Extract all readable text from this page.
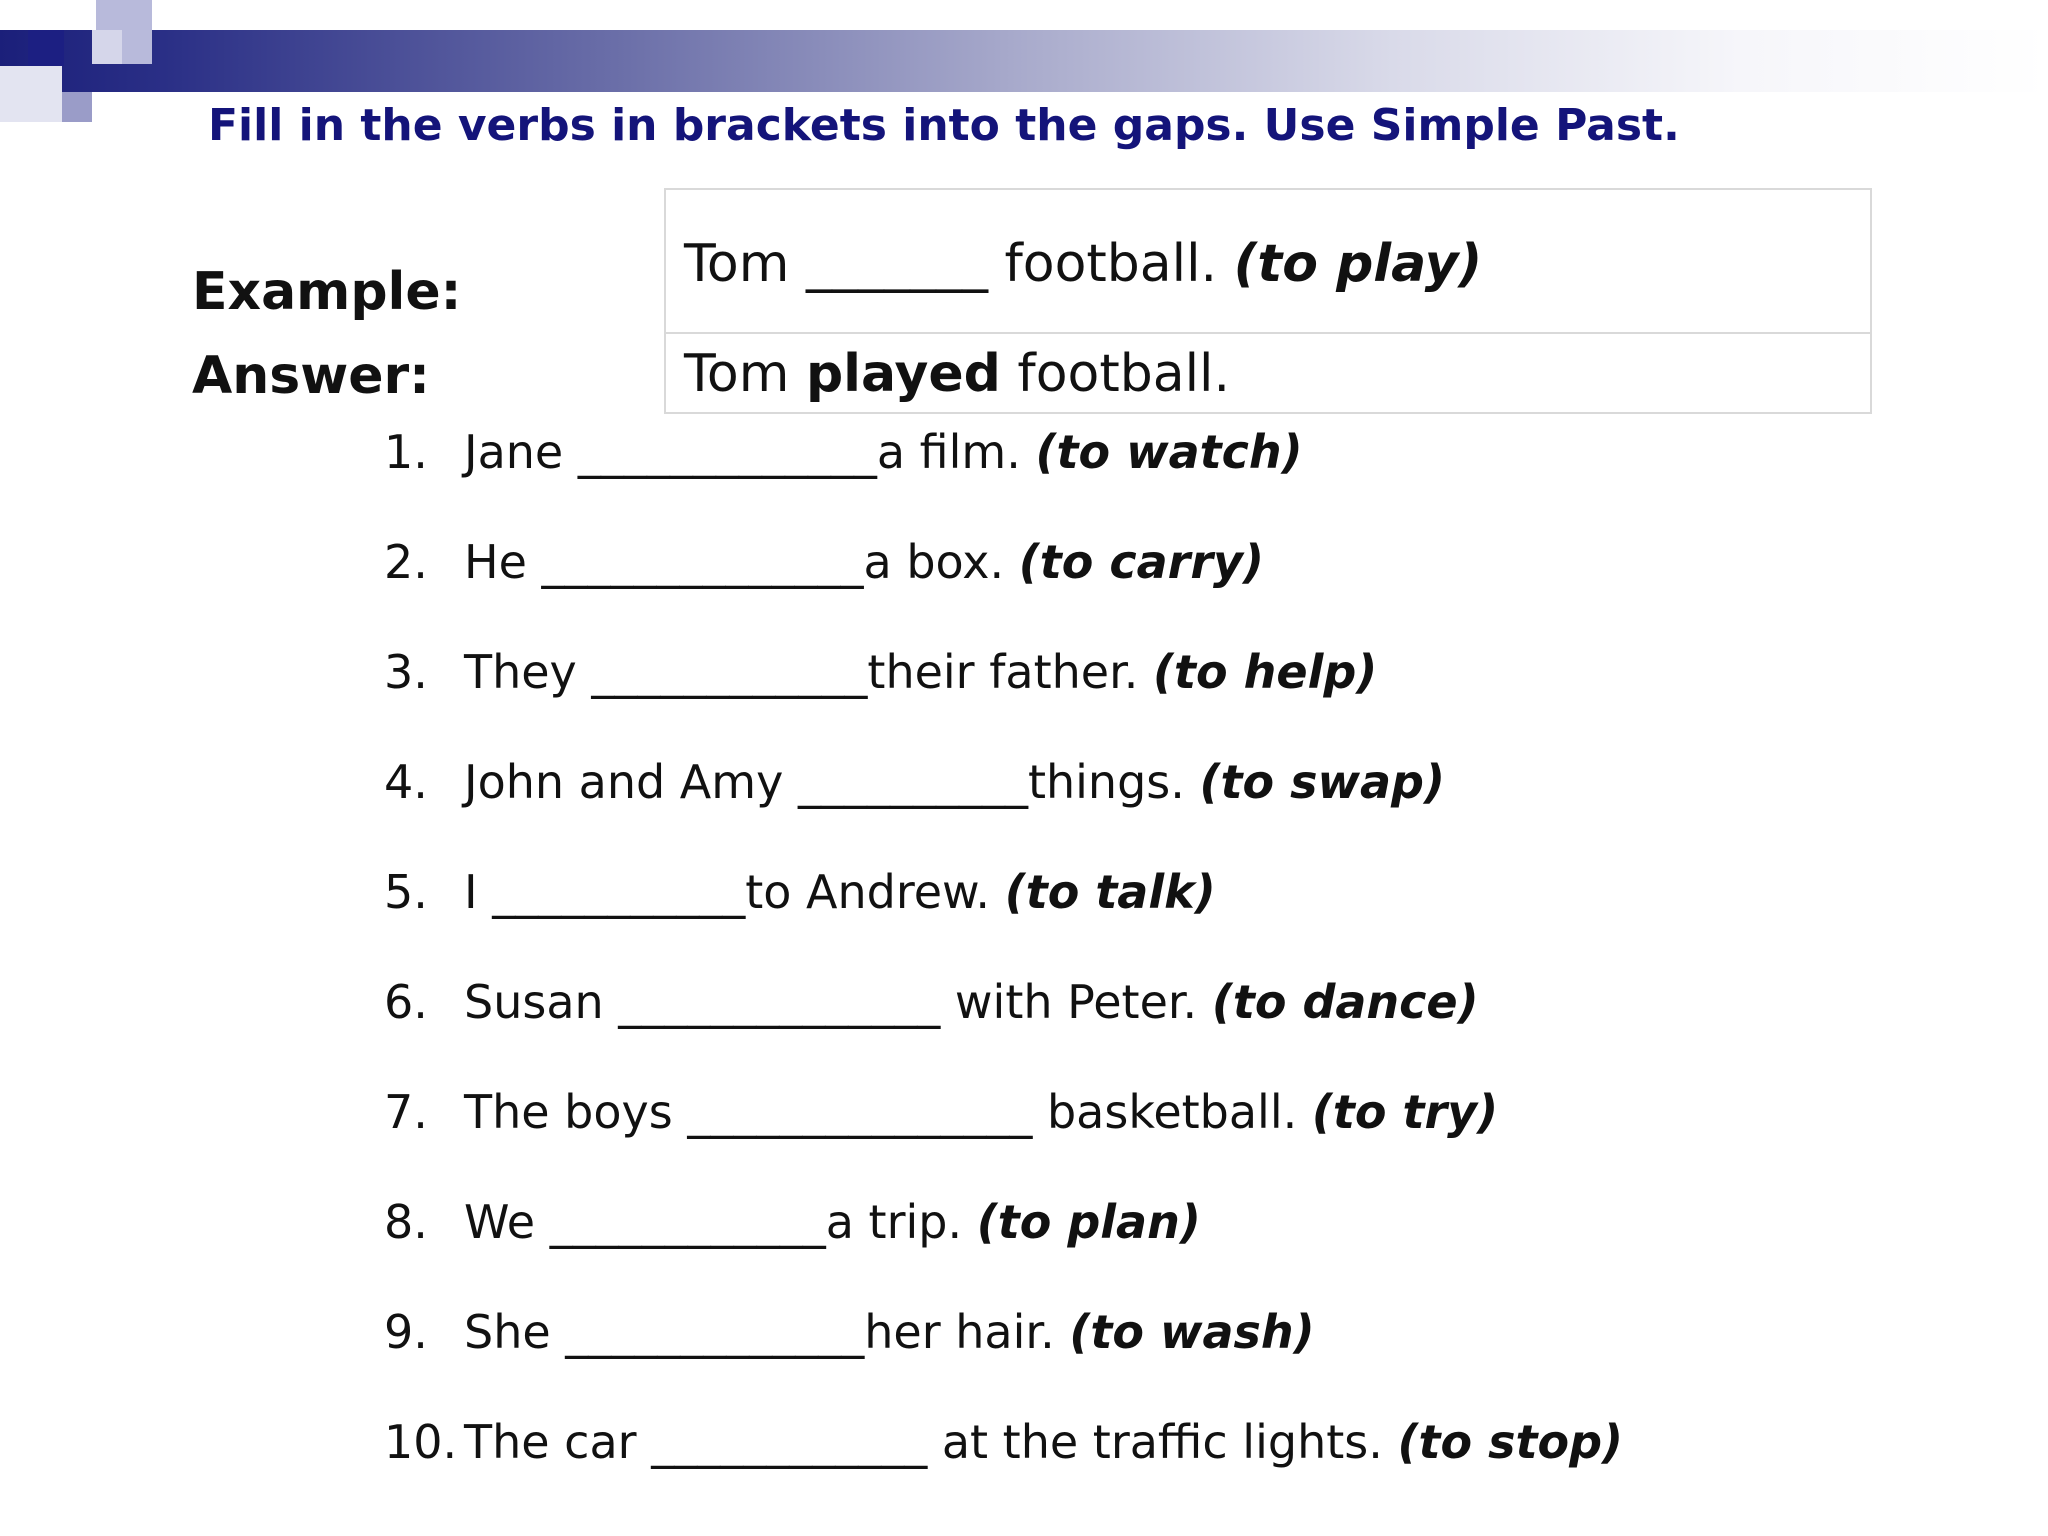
Fill in the verbs in brackets into the gaps. Use Simple Past.
Example:
Answer:
Tom _______ football. (to play)
Tom played football.
1. Jane _____________a film. (to watch)
2. He ______________a box. (to carry)
3. They ____________their father. (to help)
4. John and Amy __________things. (to swap)
5. I ___________to Andrew. (to talk)
6. Susan ______________ with Peter. (to dance)
7. The boys _______________ basketball. (to try)
8. We ____________a trip. (to plan)
9. She _____________her hair. (to wash)
10. The car ____________ at the traffic lights. (to stop)
